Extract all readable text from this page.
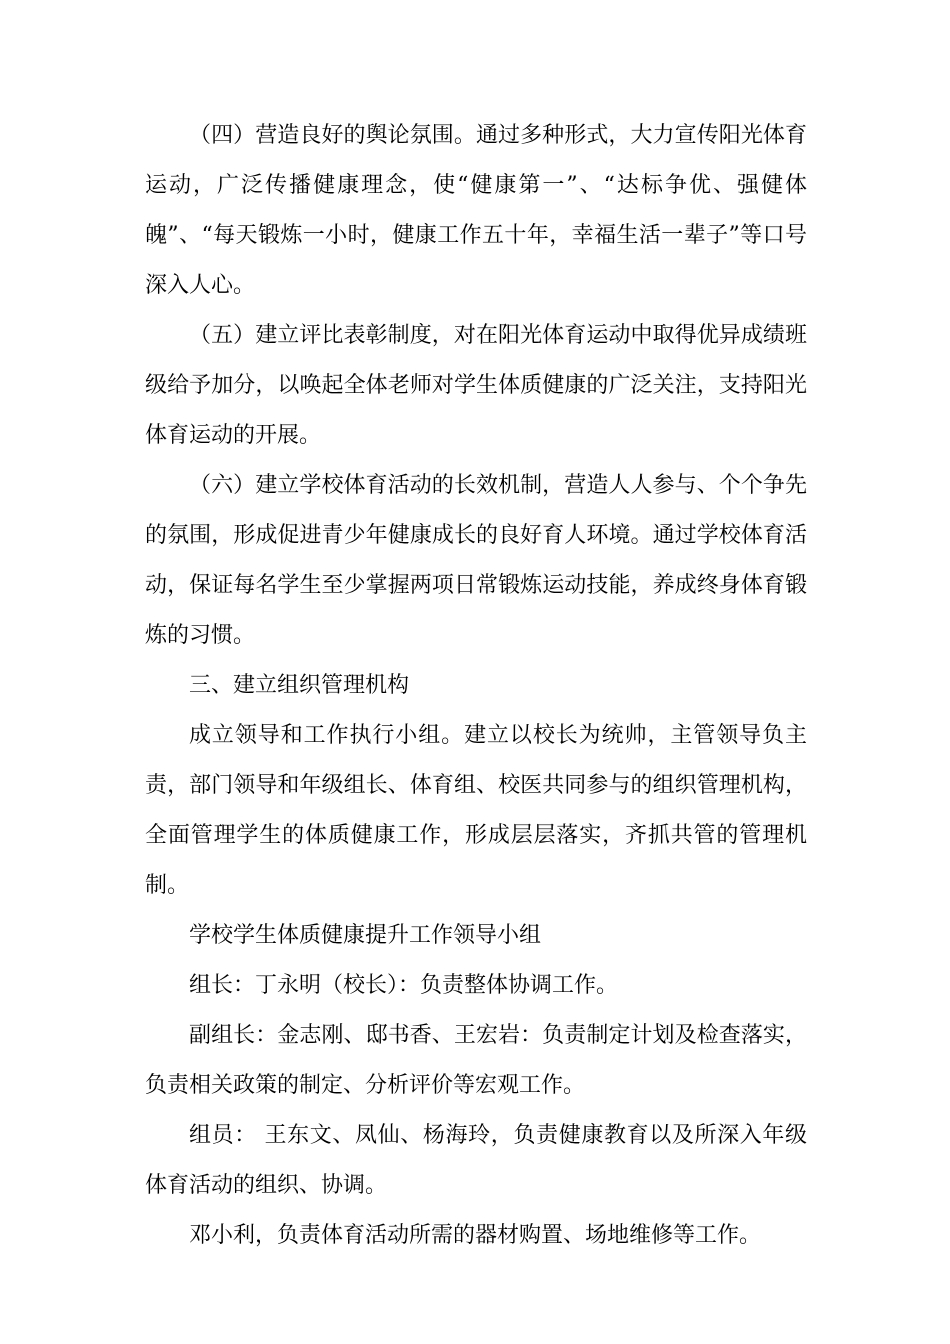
（四）营造良好的舆论氛围。通过多种形式，大力宣传阳光体育运动，广泛传播健康理念，使“健康第一”、“达标争优、强健体魄”、“每天锻炼一小时，健康工作五十年，幸福生活一辈子”等口号深入人心。

（五）建立评比表彰制度，对在阳光体育运动中取得优异成绩班级给予加分，以唤起全体老师对学生体质健康的广泛关注，支持阳光体育运动的开展。

（六）建立学校体育活动的长效机制，营造人人参与、个个争先的氛围，形成促进青少年健康成长的良好育人环境。通过学校体育活动，保证每名学生至少掌握两项日常锻炼运动技能，养成终身体育锻炼的习惯。

三、建立组织管理机构

成立领导和工作执行小组。建立以校长为统帅，主管领导负主责，部门领导和年级组长、体育组、校医共同参与的组织管理机构，全面管理学生的体质健康工作，形成层层落实，齐抓共管的管理机制。

学校学生体质健康提升工作领导小组

组长：丁永明（校长）：负责整体协调工作。

副组长：金志刚、邸书香、王宏岩：负责制定计划及检查落实，负责相关政策的制定、分析评价等宏观工作。

组员： 王东文、凤仙、杨海玲，负责健康教育以及所深入年级体育活动的组织、协调。

邓小利，负责体育活动所需的器材购置、场地维修等工作。
